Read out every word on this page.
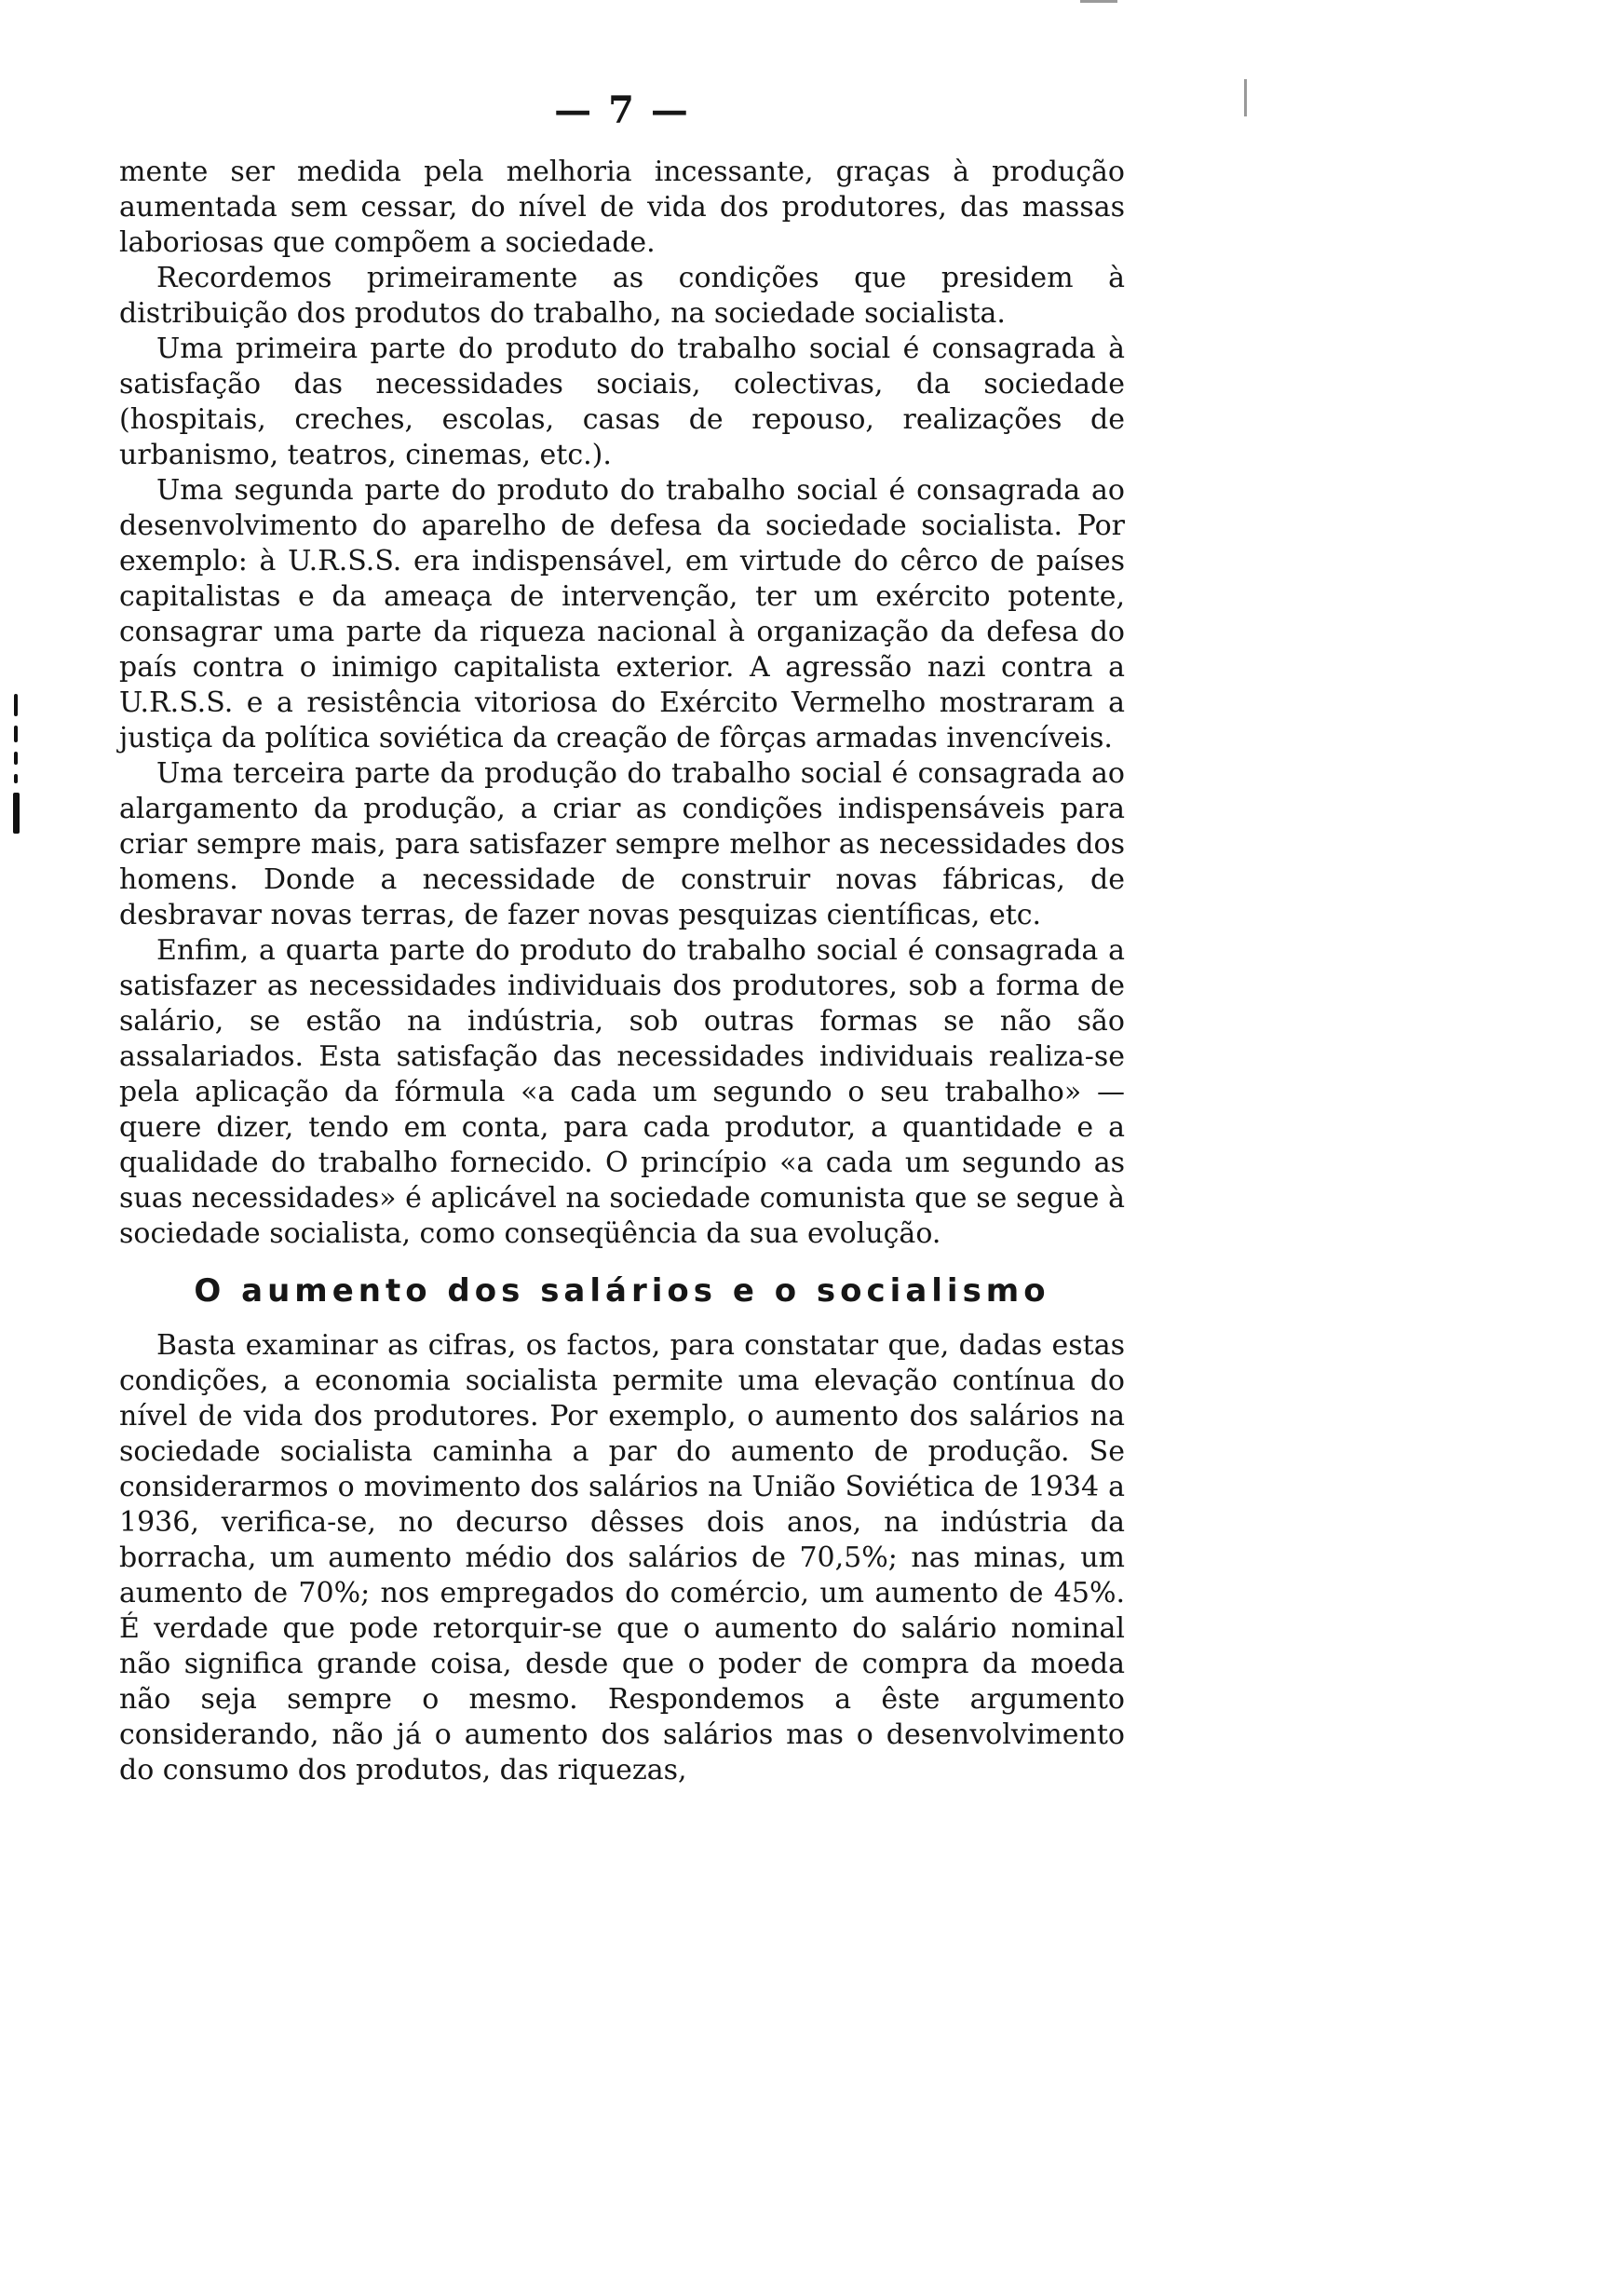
— 7 —

mente ser medida pela melhoria incessante, graças à produção aumentada sem cessar, do nível de vida dos produtores, das massas laboriosas que compõem a sociedade.

Recordemos primeiramente as condições que presidem à distribuição dos produtos do trabalho, na sociedade socialista.

Uma primeira parte do produto do trabalho social é consagrada à satisfação das necessidades sociais, colectivas, da sociedade (hospitais, creches, escolas, casas de repouso, realizações de urbanismo, teatros, cinemas, etc.).

Uma segunda parte do produto do trabalho social é consagrada ao desenvolvimento do aparelho de defesa da sociedade socialista. Por exemplo: à U.R.S.S. era indispensável, em virtude do cêrco de países capitalistas e da ameaça de intervenção, ter um exército potente, consagrar uma parte da riqueza nacional à organização da defesa do país contra o inimigo capitalista exterior. A agressão nazi contra a U.R.S.S. e a resistência vitoriosa do Exército Vermelho mostraram a justiça da política soviética da creação de fôrças armadas invencíveis.

Uma terceira parte da produção do trabalho social é consagrada ao alargamento da produção, a criar as condições indispensáveis para criar sempre mais, para satisfazer sempre melhor as necessidades dos homens. Donde a necessidade de construir novas fábricas, de desbravar novas terras, de fazer novas pesquizas científicas, etc.

Enfim, a quarta parte do produto do trabalho social é consagrada a satisfazer as necessidades individuais dos produtores, sob a forma de salário, se estão na indústria, sob outras formas se não são assalariados. Esta satisfação das necessidades individuais realiza-se pela aplicação da fórmula «a cada um segundo o seu trabalho» —quere dizer, tendo em conta, para cada produtor, a quantidade e a qualidade do trabalho fornecido. O princípio «a cada um segundo as suas necessidades» é aplicável na sociedade comunista que se segue à sociedade socialista, como conseqüência da sua evolução.

O aumento dos salários e o socialismo

Basta examinar as cifras, os factos, para constatar que, dadas estas condições, a economia socialista permite uma elevação contínua do nível de vida dos produtores. Por exemplo, o aumento dos salários na sociedade socialista caminha a par do aumento de produção. Se considerarmos o movimento dos salários na União Soviética de 1934 a 1936, verifica-se, no decurso dêsses dois anos, na indústria da borracha, um aumento médio dos salários de 70,5%; nas minas, um aumento de 70%; nos empregados do comércio, um aumento de 45%. É verdade que pode retorquir-se que o aumento do salário nominal não significa grande coisa, desde que o poder de compra da moeda não seja sempre o mesmo. Respondemos a êste argumento considerando, não já o aumento dos salários mas o desenvolvimento do consumo dos produtos, das riquezas,
